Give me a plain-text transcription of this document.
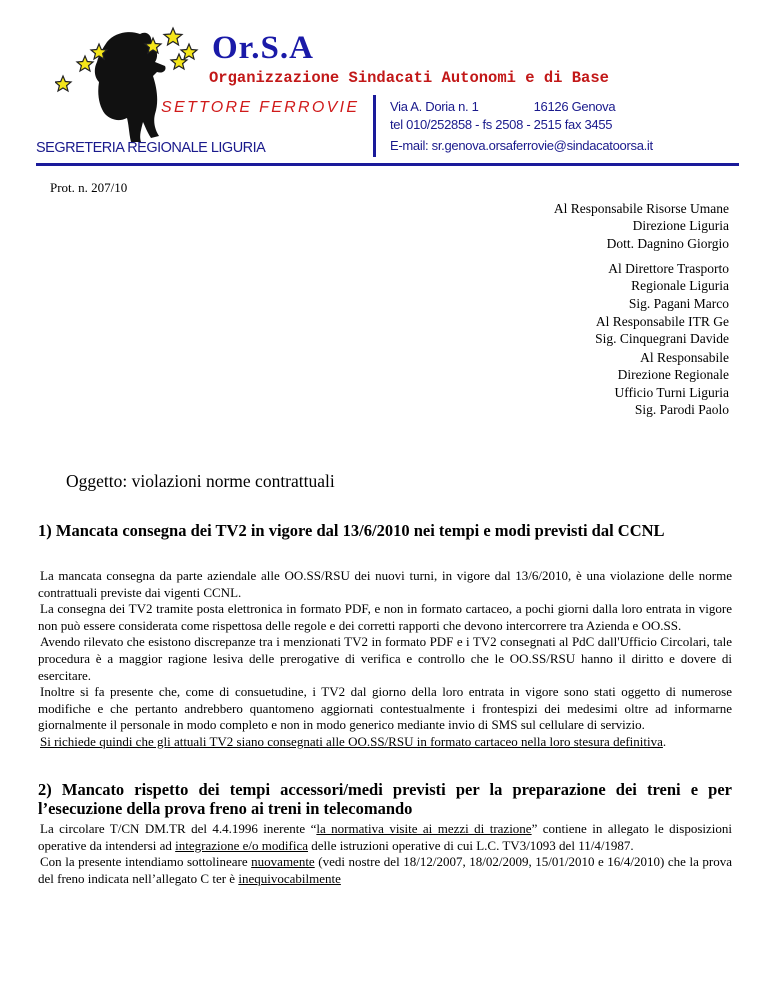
Or.S.A
Organizzazione Sindacati Autonomi e di Base
SETTORE FERROVIE
SEGRETERIA REGIONALE LIGURIA
Via A. Doria n. 1	16126 Genova
tel 010/252858 - fs 2508 - 2515 fax 3455
E-mail: sr.genova.orsaferrovie@sindacatoorsa.it
Prot. n. 207/10
Al Responsabile Risorse Umane
Direzione Liguria
Dott. Dagnino Giorgio
Al Direttore Trasporto
Regionale Liguria
Sig. Pagani Marco
Al Responsabile ITR Ge
Sig. Cinquegrani Davide
Al Responsabile
Direzione Regionale
Ufficio Turni Liguria
Sig. Parodi Paolo
Oggetto: violazioni norme contrattuali
1) Mancata consegna dei TV2 in vigore dal 13/6/2010 nei tempi e modi previsti dal CCNL

La mancata consegna da parte aziendale alle OO.SS/RSU dei nuovi turni, in vigore dal 13/6/2010, è una violazione delle norme contrattuali previste dai vigenti CCNL.

La consegna dei TV2 tramite posta elettronica in formato PDF, e non in formato cartaceo, a pochi giorni dalla loro entrata in vigore non può essere considerata come rispettosa delle regole e dei corretti rapporti che devono intercorrere tra Azienda e OO.SS.

Avendo rilevato che esistono discrepanze tra i menzionati TV2 in formato PDF e i TV2 consegnati al PdC dall'Ufficio Circolari, tale procedura è a maggior ragione lesiva delle prerogative di verifica e controllo che le OO.SS/RSU hanno il diritto e dovere di esercitare.

Inoltre si fa presente che, come di consuetudine, i TV2 dal giorno della loro entrata in vigore sono stati oggetto di numerose modifiche e che pertanto andrebbero quantomeno aggiornati contestualmente i frontespizi dei medesimi oltre ad informarne giornalmente il personale in modo completo e non in modo generico mediante invio di SMS sul cellulare di servizio.

Si richiede quindi che gli attuali TV2 siano consegnati alle OO.SS/RSU in formato cartaceo nella loro stesura definitiva.

2) Mancato rispetto dei tempi accessori/medi previsti per la preparazione dei treni e per l’esecuzione della prova freno ai treni in telecomando

La circolare T/CN DM.TR del 4.4.1996 inerente “la normativa visite ai mezzi di trazione” contiene in allegato le disposizioni operative da intendersi ad integrazione e/o modifica delle istruzioni operative di cui L.C. TV3/1093 del 11/4/1987.

Con la presente intendiamo sottolineare nuovamente (vedi nostre del 18/12/2007, 18/02/2009, 15/01/2010 e 16/4/2010) che la prova del freno indicata nell’allegato C ter è inequivocabilmente
